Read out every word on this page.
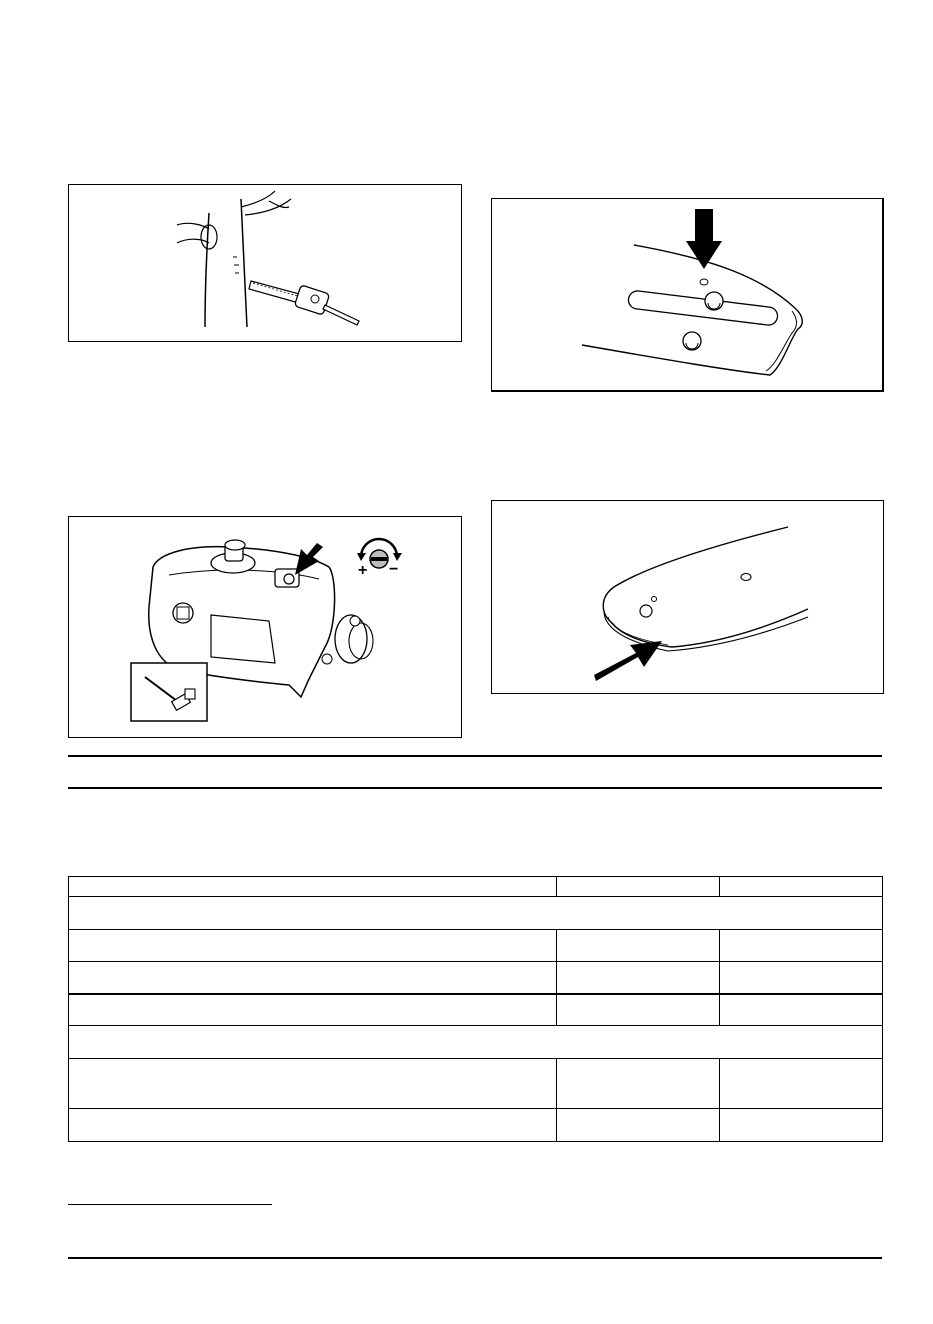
+ −
